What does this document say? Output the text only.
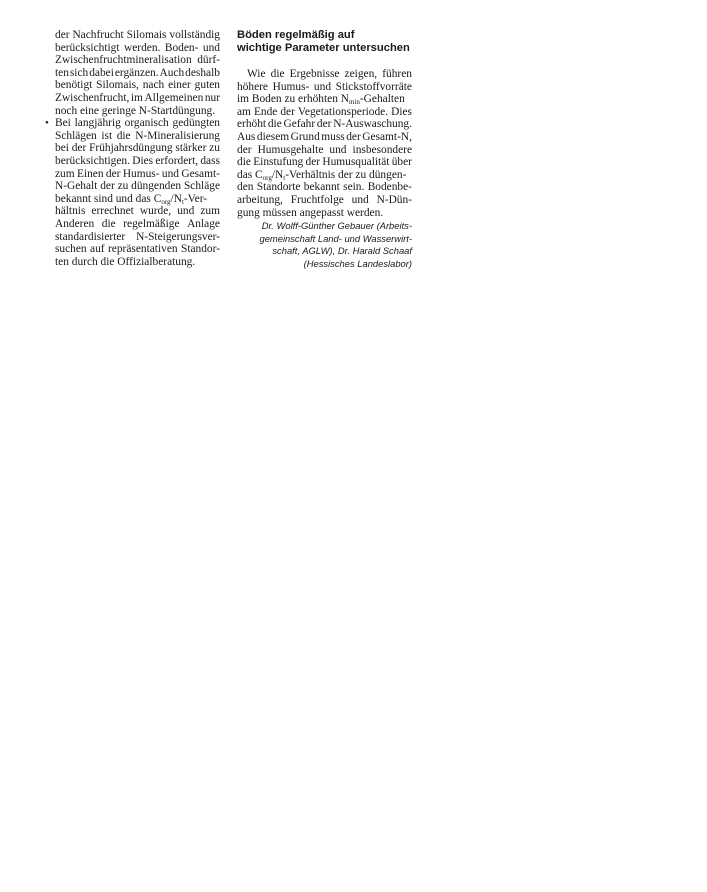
der Nachfrucht Silomais vollständig
berücksichtigt werden. Boden- und
Zwischenfruchtmineralisation dürf-
ten sich dabei ergänzen. Auch deshalb
benötigt Silomais, nach einer guten
Zwischenfrucht, im Allgemeinen nur
noch eine geringe N-Startdüngung.
• Bei langjährig organisch gedüngten
Schlägen ist die N-Mineralisierung
bei der Frühjahrsdüngung stärker zu
berücksichtigen. Dies erfordert, dass
zum Einen der Humus- und Gesamt-
N-Gehalt der zu düngenden Schläge
bekannt sind und das $C_{org}/N_t-Ver-$
hältnis errechnet wurde, und zum
Anderen die regelmäßige Anlage
standardisierter N-Steigerungsver-
suchen auf repräsentativen Standor-
ten durch die Offizialberatung.
Böden regelmäßig auf
wichtige Parameter untersuchen
Wie die Ergebnisse zeigen, führen
höhere Humus- und Stickstoffvorräte
im Boden zu erhöhten $N_{min}$-Gehalten
am Ende der Vegetationsperiode. Dies
erhöht die Gefahr der N-Auswaschung.
Aus diesem Grund muss der Gesamt-N,
der Humusgehalte und insbesondere
die Einstufung der Humusqualität über
das $C_{org}/N_t$-Verhältnis der zu düngen-
den Standorte bekannt sein. Bodenbe-
arbeitung, Fruchtfolge und N-Dün-
gung müssen angepasst werden.
Dr. Wolff-Günther Gebauer (Arbeits-
gemeinschaft Land- und Wasserwirt-
schaft, AGLW), Dr. Harald Schaaf
(Hessisches Landeslabor)
